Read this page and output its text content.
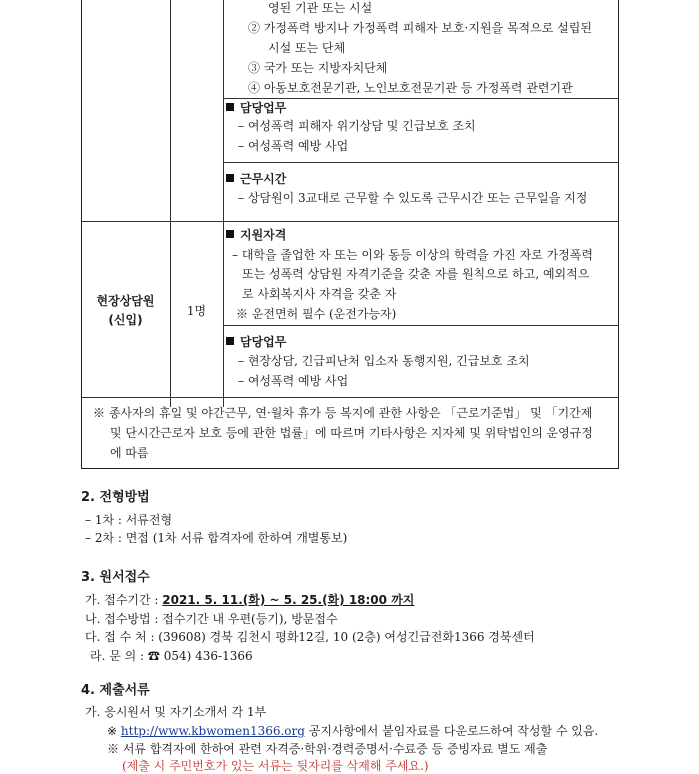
영된 기관 또는 시설
② 가정폭력 방지나 가정폭력 피해자 보호·지원을 목적으로 설립된
시설 또는 단체
③ 국가 또는 지방자치단체
④ 아동보호전문기관, 노인보호전문기관 등 가정폭력 관련기관
담당업무
– 여성폭력 피해자 위기상담 및 긴급보호 조치
– 여성폭력 예방 사업
근무시간
– 상담원이 3교대로 근무할 수 있도록 근무시간 또는 근무일을 지정
현장상담원
(신입)
1명
지원자격
– 대학을 졸업한 자 또는 이와 동등 이상의 학력을 가진 자로 가정폭력
또는 성폭력 상담원 자격기준을 갖춘 자를 원칙으로 하고, 예외적으
로 사회복지사 자격을 갖춘 자
※ 운전면허 필수 (운전가능자)
담당업무
– 현장상담, 긴급피난처 입소자 동행지원, 긴급보호 조치
– 여성폭력 예방 사업
※ 종사자의 휴일 및 야간근무, 연·월차 휴가 등 복지에 관한 사항은 「근로기준법」 및 「기간제
및 단시간근로자 보호 등에 관한 법률」에 따르며 기타사항은 지자체 및 위탁법인의 운영규정
에 따름
2. 전형방법
– 1차 : 서류전형
– 2차 : 면접 (1차 서류 합격자에 한하여 개별통보)
3. 원서접수
가. 접수기간 : 2021. 5. 11.(화) ~ 5. 25.(화) 18:00 까지
나. 접수방법 : 접수기간 내 우편(등기), 방문접수
다. 접 수 처 : (39608) 경북 김천시 평화12길, 10 (2층) 여성긴급전화1366 경북센터
라. 문 의 : ☎ 054) 436-1366
4. 제출서류
가. 응시원서 및 자기소개서 각 1부
※ http://www.kbwomen1366.org 공지사항에서 붙임자료를 다운로드하여 작성할 수 있음.
※ 서류 합격자에 한하여 관련 자격증·학위·경력증명서·수료증 등 증빙자료 별도 제출
(제출 시 주민번호가 있는 서류는 뒷자리를 삭제해 주세요.)
